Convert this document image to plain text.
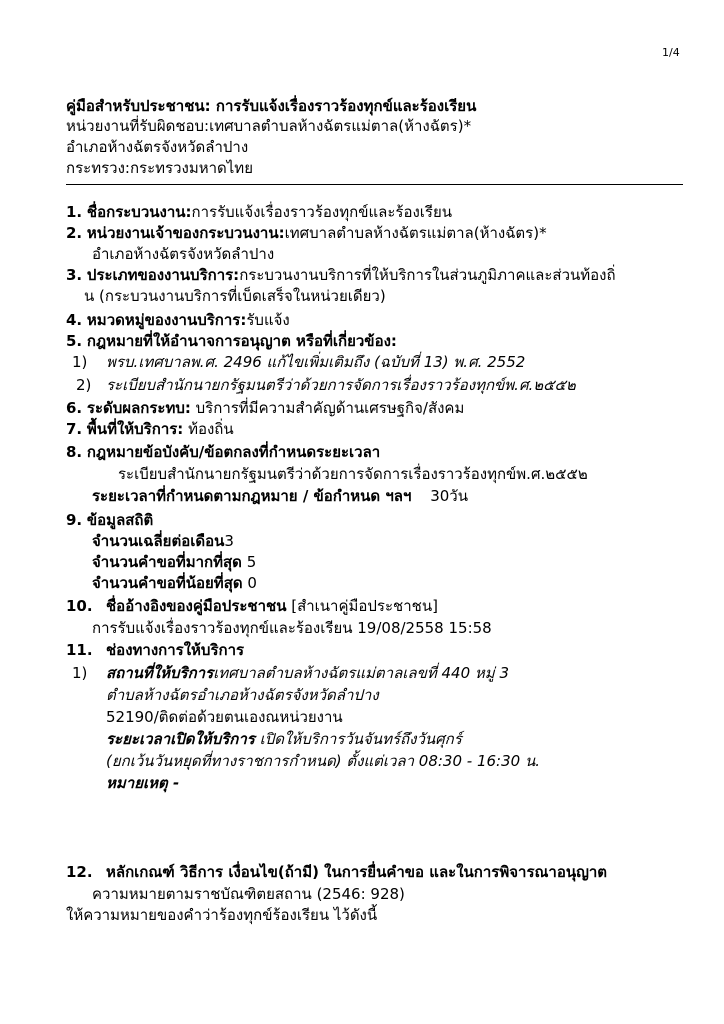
1/4
คู่มือสำหรับประชาชน: การรับแจ้งเรื่องราวร้องทุกข์และร้องเรียน
หน่วยงานที่รับผิดชอบ:เทศบาลตำบลห้างฉัตรแม่ตาล(ห้างฉัตร)*
อำเภอห้างฉัตรจังหวัดลำปาง
กระทรวง:กระทรวงมหาดไทย
1. ชื่อกระบวนงาน:การรับแจ้งเรื่องราวร้องทุกข์และร้องเรียน
2. หน่วยงานเจ้าของกระบวนงาน:เทศบาลตำบลห้างฉัตรแม่ตาล(ห้างฉัตร)*
อำเภอห้างฉัตรจังหวัดลำปาง
3. ประเภทของงานบริการ:กระบวนงานบริการที่ให้บริการในส่วนภูมิภาคและส่วนท้องถิ่
น (กระบวนงานบริการที่เบ็ดเสร็จในหน่วยเดียว)
4. หมวดหมู่ของงานบริการ:รับแจ้ง
5. กฎหมายที่ให้อำนาจการอนุญาต หรือที่เกี่ยวข้อง:
1) พรบ.เทศบาลพ.ศ. 2496 แก้ไขเพิ่มเติมถึง (ฉบับที่ 13) พ.ศ. 2552
2) ระเบียบสำนักนายกรัฐมนตรีว่าด้วยการจัดการเรื่องราวร้องทุกข์พ.ศ.๒๕๕๒
6. ระดับผลกระทบ: บริการที่มีความสำคัญด้านเศรษฐกิจ/สังคม
7. พื้นที่ให้บริการ: ท้องถิ่น
8. กฎหมายข้อบังคับ/ข้อตกลงที่กำหนดระยะเวลา
ระเบียบสำนักนายกรัฐมนตรีว่าด้วยการจัดการเรื่องราวร้องทุกข์พ.ศ.๒๕๕๒
ระยะเวลาที่กำหนดตามกฎหมาย / ข้อกำหนด ฯลฯ 30วัน
9. ข้อมูลสถิติ
จำนวนเฉลี่ยต่อเดือน3
จำนวนคำขอที่มากที่สุด 5
จำนวนคำขอที่น้อยที่สุด 0
10. ชื่ออ้างอิงของคู่มือประชาชน [สำเนาคู่มือประชาชน]
การรับแจ้งเรื่องราวร้องทุกข์และร้องเรียน 19/08/2558 15:58
11. ช่องทางการให้บริการ
1) สถานที่ให้บริการเทศบาลตำบลห้างฉัตรแม่ตาลเลขที่ 440 หมู่ 3
ตำบลห้างฉัตรอำเภอห้างฉัตรจังหวัดลำปาง
52190/ติดต่อด้วยตนเองณหน่วยงาน
ระยะเวลาเปิดให้บริการ เปิดให้บริการวันจันทร์ถึงวันศุกร์
(ยกเว้นวันหยุดที่ทางราชการกำหนด) ตั้งแต่เวลา 08:30 - 16:30 น.
หมายเหตุ -
12. หลักเกณฑ์ วิธีการ เงื่อนไข(ถ้ามี) ในการยื่นคำขอ และในการพิจารณาอนุญาต
ความหมายตามราชบัณฑิตยสถาน (2546: 928)
ให้ความหมายของคำว่าร้องทุกข์ร้องเรียน ไว้ดังนี้
